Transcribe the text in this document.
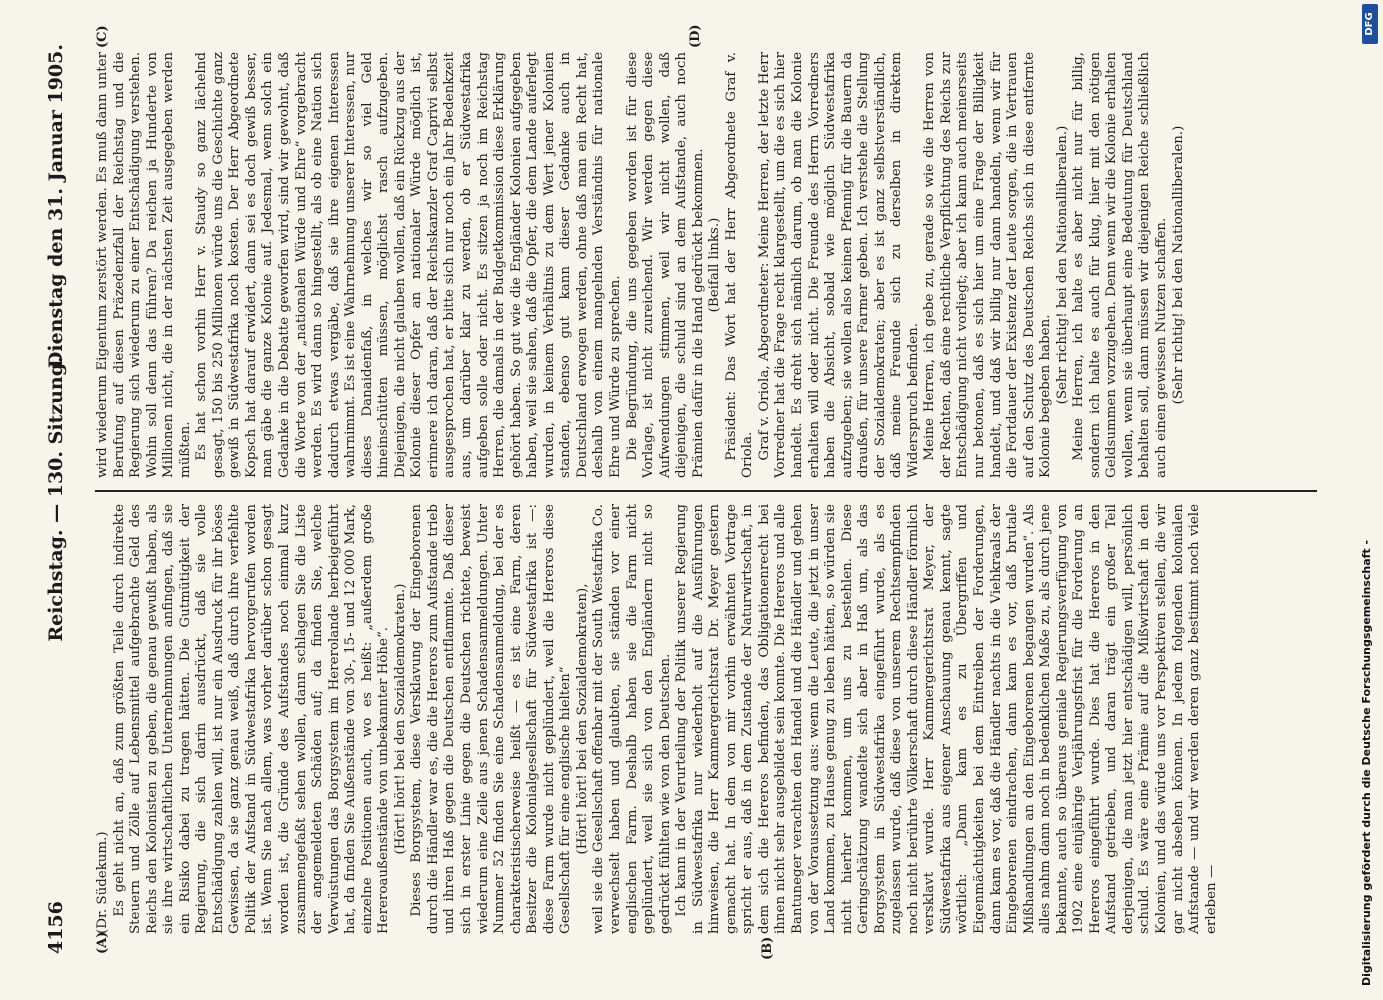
4156
Reichstag. — 130. Sitzung.
Dienstag den 31. Januar 1905.
(A)	(B)
(C)	(D)

(Dr. Südekum.) Es geht nicht an, daß zum größten Teile durch indirekte Steuern und Zölle auf Lebensmittel aufgebrachte Geld des Reichs den Kolonisten zu geben, die genau gewußt haben, als sie ihre wirtschaftlichen Unternehmungen anfingen, daß sie ein Risiko dabei zu tragen hätten. Die Gutmütigkeit der Regierung, die sich darin ausdrückt, daß sie volle Entschädigung zahlen will, ist nur ein Ausdruck für ihr böses Gewissen, da sie ganz genau weiß, daß durch ihre verfehlte Politik der Aufstand in Südwestafrika hervorgerufen worden ist. Wenn Sie nach allem, was vorher darüber schon gesagt worden ist, die Gründe des Aufstandes noch einmal kurz zusammengefaßt sehen wollen, dann schlagen Sie die Liste der angemeldeten Schäden auf; da finden Sie, welche Verwüstungen das Borgsystem im Hererolande herbeigeführt hat, da finden Sie Außenstände von 30-, 15- und 12 000 Mark, einzelne Positionen auch, wo es heißt: „außerdem große Hereroaußenstände von unbekannter Höhe“. (Hört! hört! bei den Sozialdemokraten.) Dieses Borgsystem, diese Versklavung der Eingeborenen durch die Händler war es, die die Hereros zum Aufstande trieb und ihren Haß gegen die Deutschen entflammte. Daß dieser sich in erster Linie gegen die Deutschen richtete, beweist wiederum eine Zeile aus jenen Schadensanmeldungen. Unter Nummer 52 finden Sie eine Schadensanmeldung, bei der es charakteristischerweise heißt — es ist eine Farm, deren Besitzer die Kolonialgesellschaft für Südwestafrika ist —: diese Farm wurde nicht geplündert, weil die Hereros diese Gesellschaft für eine englische hielten“ (Hört! hört! bei den Sozialdemokraten), weil sie die Gesellschaft offenbar mit der South Westafrika Co. verwechselt haben und glaubten, sie ständen vor einer englischen Farm. Deshalb haben sie die Farm nicht geplündert, weil sie sich von den Engländern nicht so gedrückt fühlten wie von den Deutschen. Ich kann in der Verurteilung der Politik unserer Regierung in Südwestafrika nur wiederholt auf die Ausführungen hinweisen, die Herr Kammergerichtsrat Dr. Meyer gestern gemacht hat. In dem von mir vorhin erwähnten Vortrage spricht er aus, daß in dem Zustande der Naturwirtschaft, in dem sich die Hereros befinden, das Obligationenrecht bei ihnen nicht sehr ausgebildet sein konnte. Die Hereros und alle Bantuneger verachten den Handel und die Händler und gehen von der Voraussetzung aus: wenn die Leute, die jetzt in unser Land kommen, zu Hause genug zu leben hätten, so würden sie nicht hierher kommen, um uns zu bestehlen. Diese Geringschätzung wandelte sich aber in Haß um, als das Borgsystem in Südwestafrika eingeführt wurde, als es zugelassen wurde, daß diese von unserem Rechtsempfinden noch nicht berührte Völkerschaft durch diese Händler förmlich versklavt wurde. Herr Kammergerichtsrat Meyer, der Südwestafrika aus eigener Anschauung genau kennt, sagte wörtlich: „Dann kam es zu Übergriffen und Eigenmächtigkeiten bei dem Eintreiben der Forderungen, dann kam es vor, daß die Händler nachts in die Viehkraals der Eingeborenen eindrachen, dann kam es vor, daß brutale Mißhandlungen an den Eingeborenen begangen wurden“. Als alles nahm dann noch in bedenklichen Maße zu, als durch jene bekannte, auch so überaus geniale Regierungsverfügung von 1902 eine einjährige Verjährungsfrist für die Forderung an Hereros eingeführt wurde. Dies hat die Hereros in den Aufstand getrieben, und daran trägt ein großer Teil derjenigen, die man jetzt hier entschädigen will, persönlich schuld. Es wäre eine Prämie auf die Mißwirtschaft in den Kolonien, und das würde uns vor Perspektiven stellen, die wir gar nicht absehen können. In jedem folgenden kolonialen Aufstande — und wir werden deren ganz bestimmt noch viele erleben —

wird wiederum Eigentum zerstört werden. Es muß dann unter Berufung auf diesen Präzedenzfall der Reichstag und die Regierung sich wiederum zu einer Entschädigung verstehen. Wohin soll denn das führen? Da reichen ja Hunderte von Millionen nicht, die in der nächsten Zeit ausgegeben werden müßten. Es hat schon vorhin Herr v. Staudy so ganz lächelnd gesagt, 150 bis 250 Millionen würde uns die Geschichte ganz gewiß in Südwestafrika noch kosten. Der Herr Abgeordnete Kopsch hat darauf erwidert, dann sei es doch gewiß besser, man gäbe die ganze Kolonie auf. Jedesmal, wenn solch ein Gedanke in die Debatte geworfen wird, sind wir gewohnt, daß die Worte von der „nationalen Würde und Ehre“ vorgebracht werden. Es wird dann so hingestellt, als ob eine Nation sich dadurch etwas vergäbe, daß sie ihre eigenen Interessen wahrnimmt. Es ist eine Wahrnehmung unserer Interessen, nur dieses Danaidenfaß, in welches wir so viel Geld hineinschütten müssen, möglichst rasch aufzugeben. Diejenigen, die nicht glauben wollen, daß ein Rückzug aus der Kolonie dieser Opfer an nationaler Würde möglich ist, erinnere ich daran, daß der Reichskanzler Graf Caprivi selbst ausgesprochen hat, er bitte sich nur noch ein Jahr Bedenkzeit aus, um darüber klar zu werden, ob er Südwestafrika aufgeben solle oder nicht. Es sitzen ja noch im Reichstag Herren, die damals in der Budgetkommission diese Erklärung gehört haben. So gut wie die Engländer Kolonien aufgegeben haben, weil sie sahen, daß die Opfer, die dem Lande auferlegt wurden, in keinem Verhältnis zu dem Wert jener Kolonien standen, ebenso gut kann dieser Gedanke auch in Deutschland erwogen werden, ohne daß man ein Recht hat, deshalb von einem mangelnden Verständnis für nationale Ehre und Würde zu sprechen. Die Begründung, die uns gegeben worden ist für diese Vorlage, ist nicht zureichend. Wir werden gegen diese Aufwendungen stimmen, weil wir nicht wollen, daß diejenigen, die schuld sind an dem Aufstande, auch noch Prämien dafür in die Hand gedrückt bekommen. (Beifall links.) Präsident: Das Wort hat der Herr Abgeordnete Graf v. Oriola. Graf v. Oriola, Abgeordneter: Meine Herren, der letzte Herr Vorredner hat die Frage recht klargestellt, um die es sich hier handelt. Es dreht sich nämlich darum, ob man die Kolonie erhalten will oder nicht. Die Freunde des Herrn Vorredners haben die Absicht, sobald wie möglich Südwestafrika aufzugeben; sie wollen also keinen Pfennig für die Bauern da draußen, für unsere Farmer geben. Ich verstehe die Stellung der Sozialdemokraten; aber es ist ganz selbstverständlich, daß meine Freunde sich zu derselben in direktem Widerspruch befinden. Meine Herren, ich gebe zu, gerade so wie die Herren von der Rechten, daß eine rechtliche Verpflichtung des Reichs zur Entschädigung nicht vorliegt; aber ich kann auch meinerseits nur betonen, daß es sich hier um eine Frage der Billigkeit handelt, und daß wir billig nur dann handeln, wenn wir für die Fortdauer der Existenz der Leute sorgen, die in Vertrauen auf den Schutz des Deutschen Reichs sich in diese entfernte Kolonie begeben haben. (Sehr richtig! bei den Nationalliberalen.) Meine Herren, ich halte es aber nicht nur für billig, sondern ich halte es auch für klug, hier mit den nötigen Geldsummen vorzugehen. Denn wenn wir die Kolonie erhalten wollen, wenn sie überhaupt eine Bedeutung für Deutschland behalten soll, dann müssen wir diejenigen Reiche schließlich auch einen gewissen Nutzen schaffen. (Sehr richtig! bei den Nationalliberalen.)

Digitalisierung gefördert durch die Deutsche Forschungsgemeinschaft -
DFG
